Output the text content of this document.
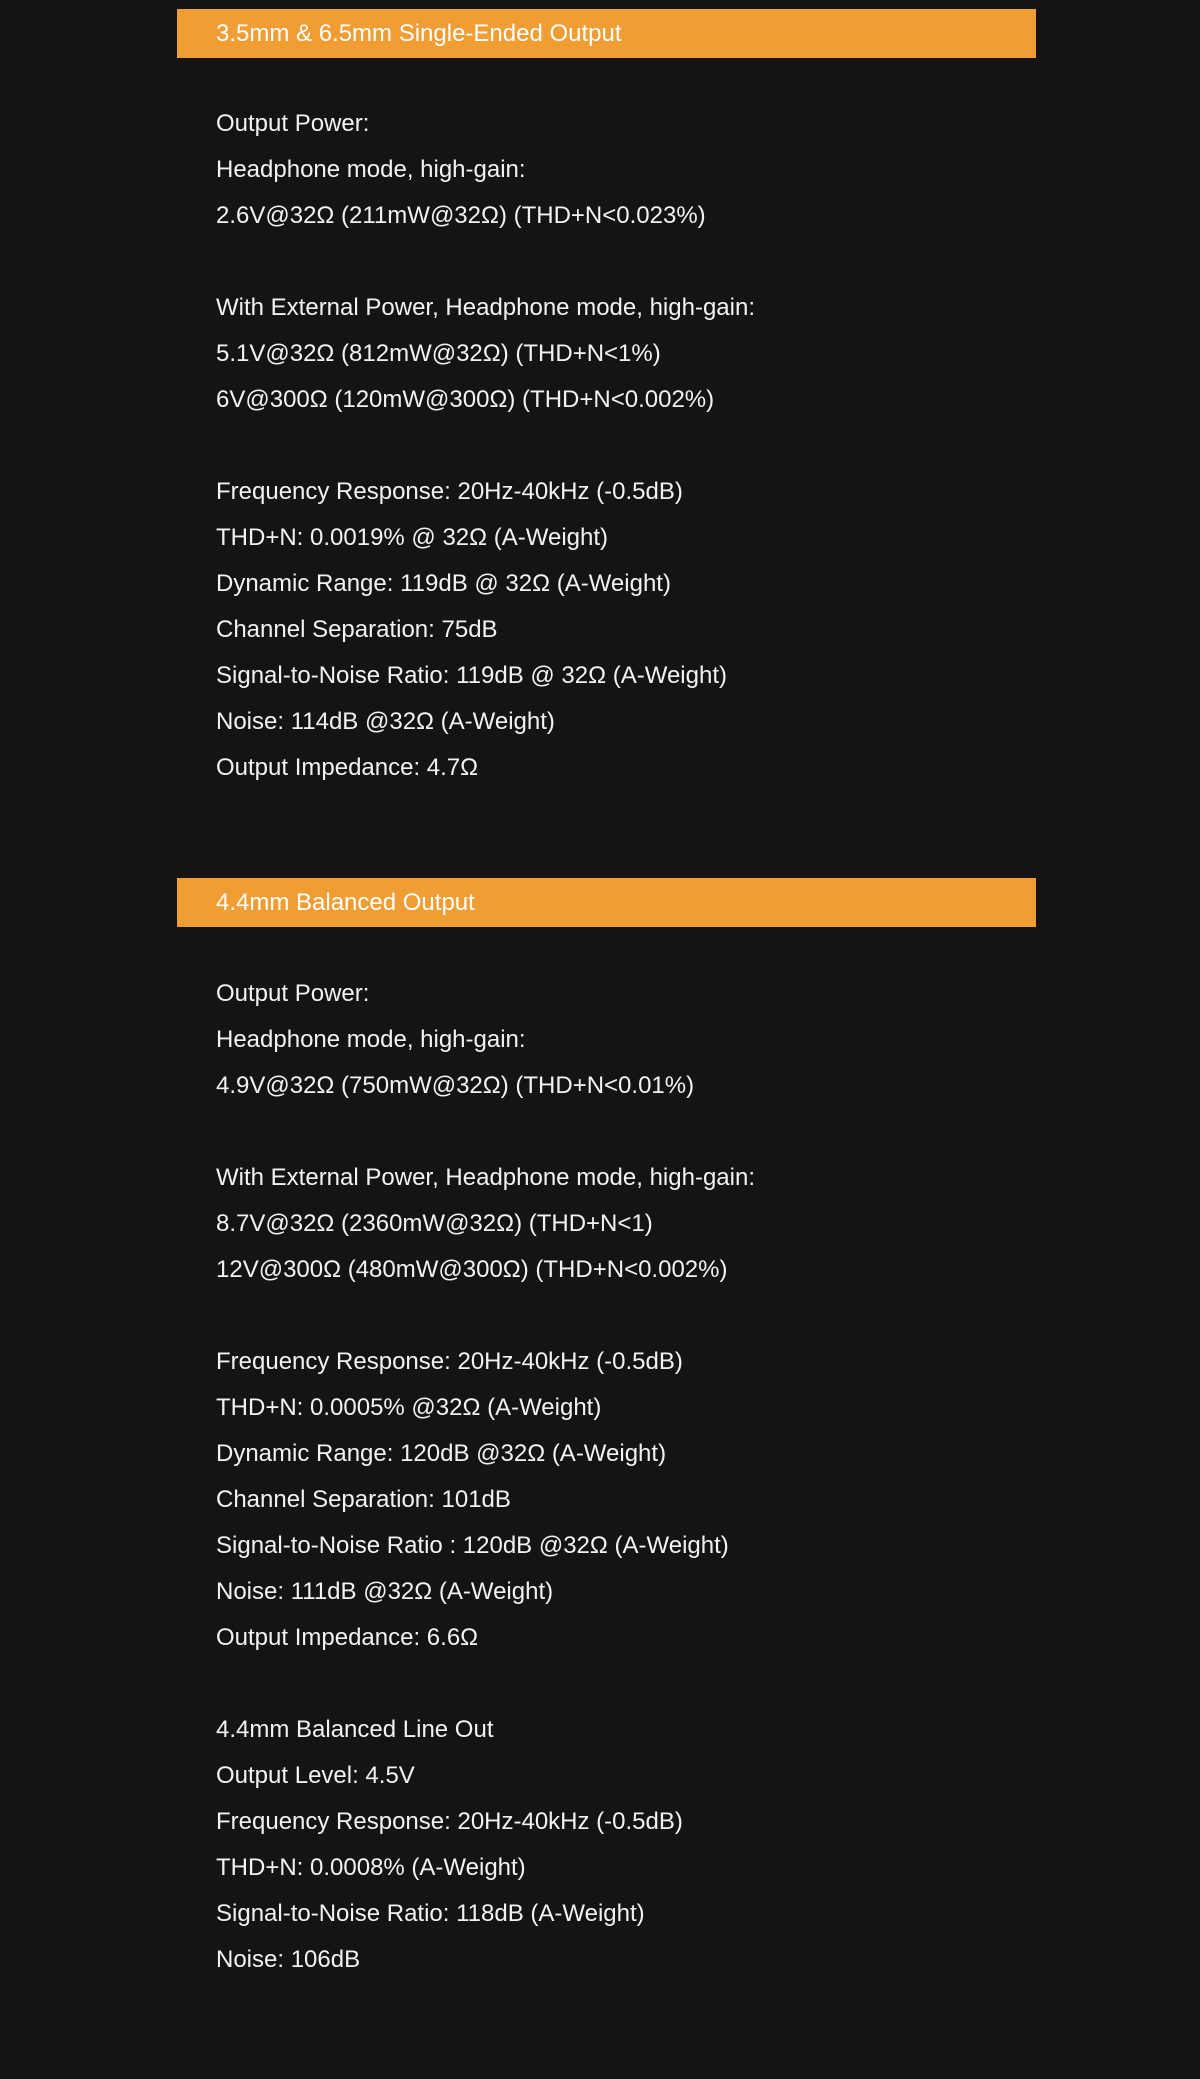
3.5mm & 6.5mm Single-Ended Output
Output Power:
Headphone mode, high-gain:
2.6V@32Ω (211mW@32Ω) (THD+N<0.023%)
With External Power, Headphone mode, high-gain:
5.1V@32Ω (812mW@32Ω) (THD+N<1%)
6V@300Ω (120mW@300Ω) (THD+N<0.002%)
Frequency Response: 20Hz-40kHz (-0.5dB)
THD+N: 0.0019% @ 32Ω (A-Weight)
Dynamic Range: 119dB @ 32Ω (A-Weight)
Channel Separation: 75dB
Signal-to-Noise Ratio: 119dB @ 32Ω (A-Weight)
Noise: 114dB @32Ω (A-Weight)
Output Impedance: 4.7Ω
4.4mm Balanced Output
Output Power:
Headphone mode, high-gain:
4.9V@32Ω (750mW@32Ω) (THD+N<0.01%)
With External Power, Headphone mode, high-gain:
8.7V@32Ω (2360mW@32Ω) (THD+N<1)
12V@300Ω (480mW@300Ω) (THD+N<0.002%)
Frequency Response: 20Hz-40kHz (-0.5dB)
THD+N: 0.0005% @32Ω (A-Weight)
Dynamic Range: 120dB @32Ω (A-Weight)
Channel Separation: 101dB
Signal-to-Noise Ratio : 120dB @32Ω (A-Weight)
Noise: 111dB @32Ω (A-Weight)
Output Impedance: 6.6Ω
4.4mm Balanced Line Out
Output Level: 4.5V
Frequency Response: 20Hz-40kHz (-0.5dB)
THD+N: 0.0008% (A-Weight)
Signal-to-Noise Ratio: 118dB (A-Weight)
Noise: 106dB
